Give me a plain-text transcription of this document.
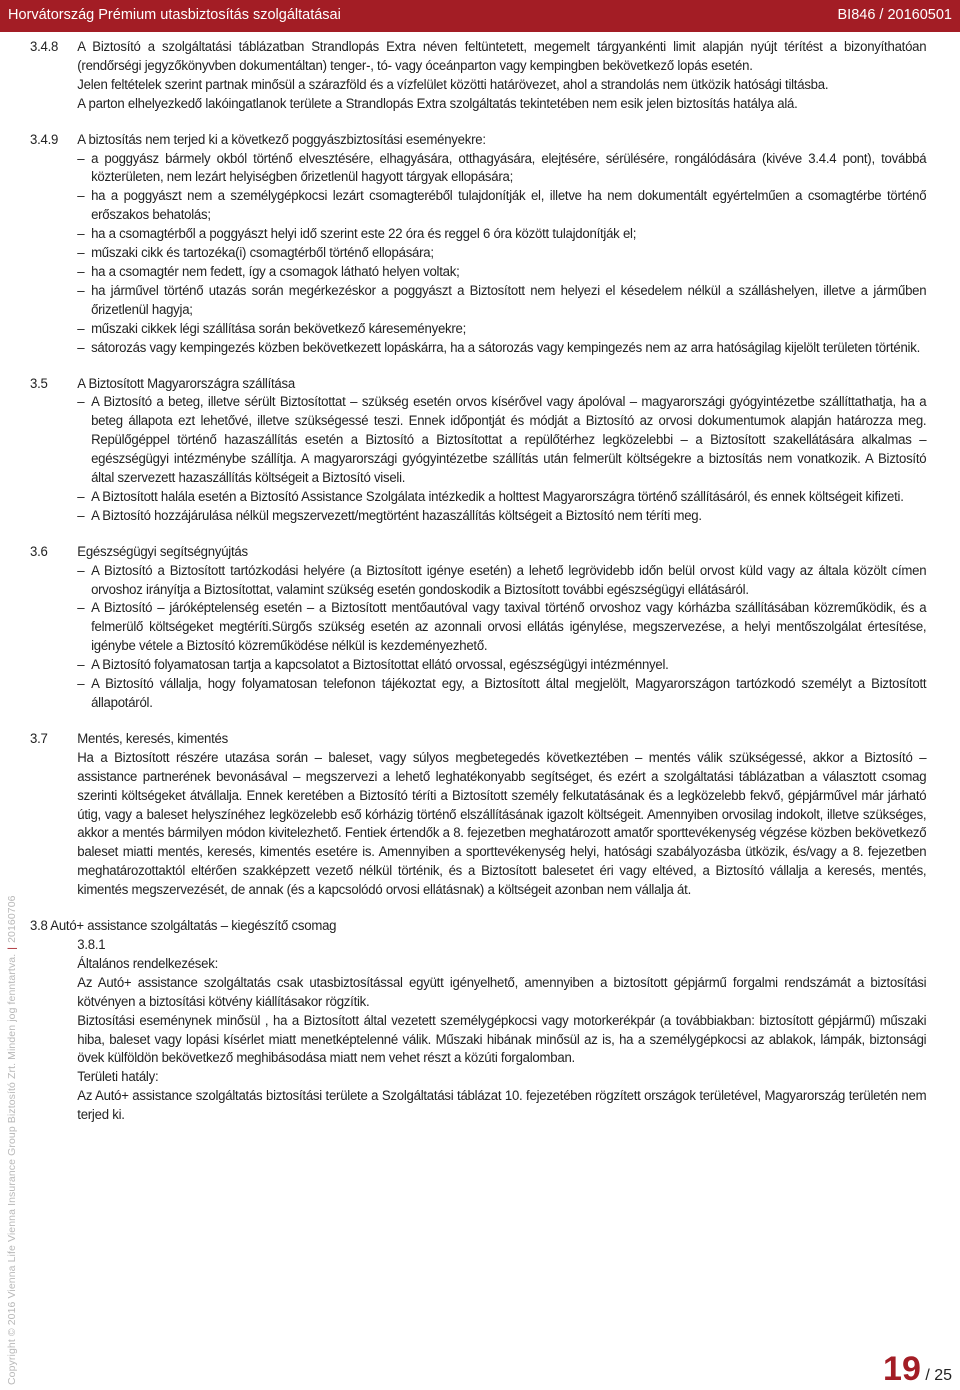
Horvátország Prémium utasbiztosítás szolgáltatásai	BI846 / 20160501
3.4.8 A Biztosító a szolgáltatási táblázatban Strandlopás Extra néven feltüntetett, megemelt tárgyankénti limit alapján nyújt térítést a bizonyíthatóan (rendőrségi jegyzőkönyvben dokumentáltan) tenger-, tó- vagy óceánparton vagy kempingben bekövetkező lopás esetén.
Jelen feltételek szerint partnak minősül a szárazföld és a vízfelület közötti határövezet, ahol a strandolás nem ütközik hatósági tiltásba.
A parton elhelyezkedő lakóingatlanok területe a Strandlopás Extra szolgáltatás tekintetében nem esik jelen biztosítás hatálya alá.
3.4.9 A biztosítás nem terjed ki a következő poggyászbiztosítási eseményekre:
– a poggyász bármely okból történő elvesztésére, elhagyására, otthagyására, elejtésére, sérülésére, rongálódására (kivéve 3.4.4 pont), továbbá közterületen, nem lezárt helyiségben őrizetlenül hagyott tárgyak ellopására;
– ha a poggyászt nem a személygépkocsi lezárt csomagteréből tulajdonítják el, illetve ha nem dokumentált egyértelműen a csomagtérbe történő erőszakos behatolás;
– ha a csomagtérből a poggyászt helyi idő szerint este 22 óra és reggel 6 óra között tulajdonítják el;
– műszaki cikk és tartozéka(i) csomagtérből történő ellopására;
– ha a csomagtér nem fedett, így a csomagok látható helyen voltak;
– ha járművel történő utazás során megérkezéskor a poggyászt a Biztosított nem helyezi el késedelem nélkül a szálláshelyen, illetve a járműben őrizetlenül hagyja;
– műszaki cikkek légi szállítása során bekövetkező káreseményekre;
– sátorozás vagy kempingezés közben bekövetkezett lopáskárra, ha a sátorozás vagy kempingezés nem az arra hatóságilag kijelölt területen történik.
3.5 A Biztosított Magyarországra szállítása
– A Biztosító a beteg, illetve sérült Biztosítottat – szükség esetén orvos kísérővel vagy ápolóval – magyarországi gyógyintézetbe szállíttathatja, ha a beteg állapota ezt lehetővé, illetve szükségessé teszi. Ennek időpontját és módját a Biztosító az orvosi dokumentumok alapján határozza meg. Repülőgéppel történő hazaszállítás esetén a Biztosító a Biztosítottat a repülőtérhez legközelebbi – a Biztosított szakellátására alkalmas – egészségügyi intézménybe szállítja. A magyarországi gyógyintézetbe szállítás után felmerült költségekre a biztosítás nem vonatkozik. A Biztosító által szervezett hazaszállítás költségeit a Biztosító viseli.
– A Biztosított halála esetén a Biztosító Assistance Szolgálata intézkedik a holttest Magyarországra történő szállításáról, és ennek költségeit kifizeti.
– A Biztosító hozzájárulása nélkül megszervezett/megtörtént hazaszállítás költségeit a Biztosító nem téríti meg.
3.6 Egészségügyi segítségnyújtás
– A Biztosító a Biztosított tartózkodási helyére (a Biztosított igénye esetén) a lehető legrövidebb időn belül orvost küld vagy az általa közölt címen orvoshoz irányítja a Biztosítottat, valamint szükség esetén gondoskodik a Biztosított további egészségügyi ellátásáról.
– A Biztosító – járóképtelenség esetén – a Biztosított mentőautóval vagy taxival történő orvoshoz vagy kórházba szállításában közreműködik, és a felmerülő költségeket megtéríti.Sürgős szükség esetén az azonnali orvosi ellátás igénylése, megszervezése, a helyi mentőszolgálat értesítése, igénybe vétele a Biztosító közreműködése nélkül is kezdeményezhető.
– A Biztosító folyamatosan tartja a kapcsolatot a Biztosítottat ellátó orvossal, egészségügyi intézménnyel.
– A Biztosító vállalja, hogy folyamatosan telefonon tájékoztat egy, a Biztosított által megjelölt, Magyarországon tartózkodó személyt a Biztosított állapotáról.
3.7 Mentés, keresés, kimentés
Ha a Biztosított részére utazása során – baleset, vagy súlyos megbetegedés következtében – mentés válik szükségessé, akkor a Biztosító – assistance partnerének bevonásával – megszervezi a lehető leghatékonyabb segítséget, és ezért a szolgáltatási táblázatban a választott csomag szerinti költségeket átvállalja. Ennek keretében a Biztosító téríti a Biztosított személy felkutatásának és a legközelebb fekvő, gépjárművel már járható útig, vagy a baleset helyszínéhez legközelebb eső kórházig történő elszállításának igazolt költségeit. Amennyiben orvosilag indokolt, illetve szükséges, akkor a mentés bármilyen módon kivitelezhető. Fentiek értendők a 8. fejezetben meghatározott amatőr sporttevékenység végzése közben bekövetkező baleset miatti mentés, keresés, kimentés esetére is. Amennyiben a sporttevékenység helyi, hatósági szabályozásba ütközik, és/vagy a 8. fejezetben meghatározottaktól eltérően szakképzett vezető nélkül történik, és a Biztosított balesetet éri vagy eltéved, a Biztosító vállalja a keresés, mentés, kimentés megszervezését, de annak (és a kapcsolódó orvosi ellátásnak) a költségeit azonban nem vállalja át.
3.8 Autó+ assistance szolgáltatás – kiegészítő csomag
3.8.1
Általános rendelkezések:
Az Autó+ assistance szolgáltatás csak utasbiztosítással együtt igényelhető, amennyiben a biztosított gépjármű forgalmi rendszámát a biztosítási kötvényen a biztosítási kötvény kiállításakor rögzítik.
Biztosítási eseménynek minősül , ha a Biztosított által vezetett személygépkocsi vagy motorkerékpár (a továbbiakban: biztosított gépjármű) műszaki hiba, baleset vagy lopási kísérlet miatt menetképtelenné válik. Műszaki hibának minősül az is, ha a személygépkocsi az ablakok, lámpák, biztonsági övek külföldön bekövetkező meghibásodása miatt nem vehet részt a közúti forgalomban.
Területi hatály:
Az Autó+ assistance szolgáltatás biztosítási területe a Szolgáltatási táblázat 10. fejezetében rögzített országok területével, Magyarország területén nem terjed ki.
Copyright © 2016 Vienna Life Vienna Insurance Group Biztosító Zrt. Minden jog fenntartva.|20160706
19 / 25
